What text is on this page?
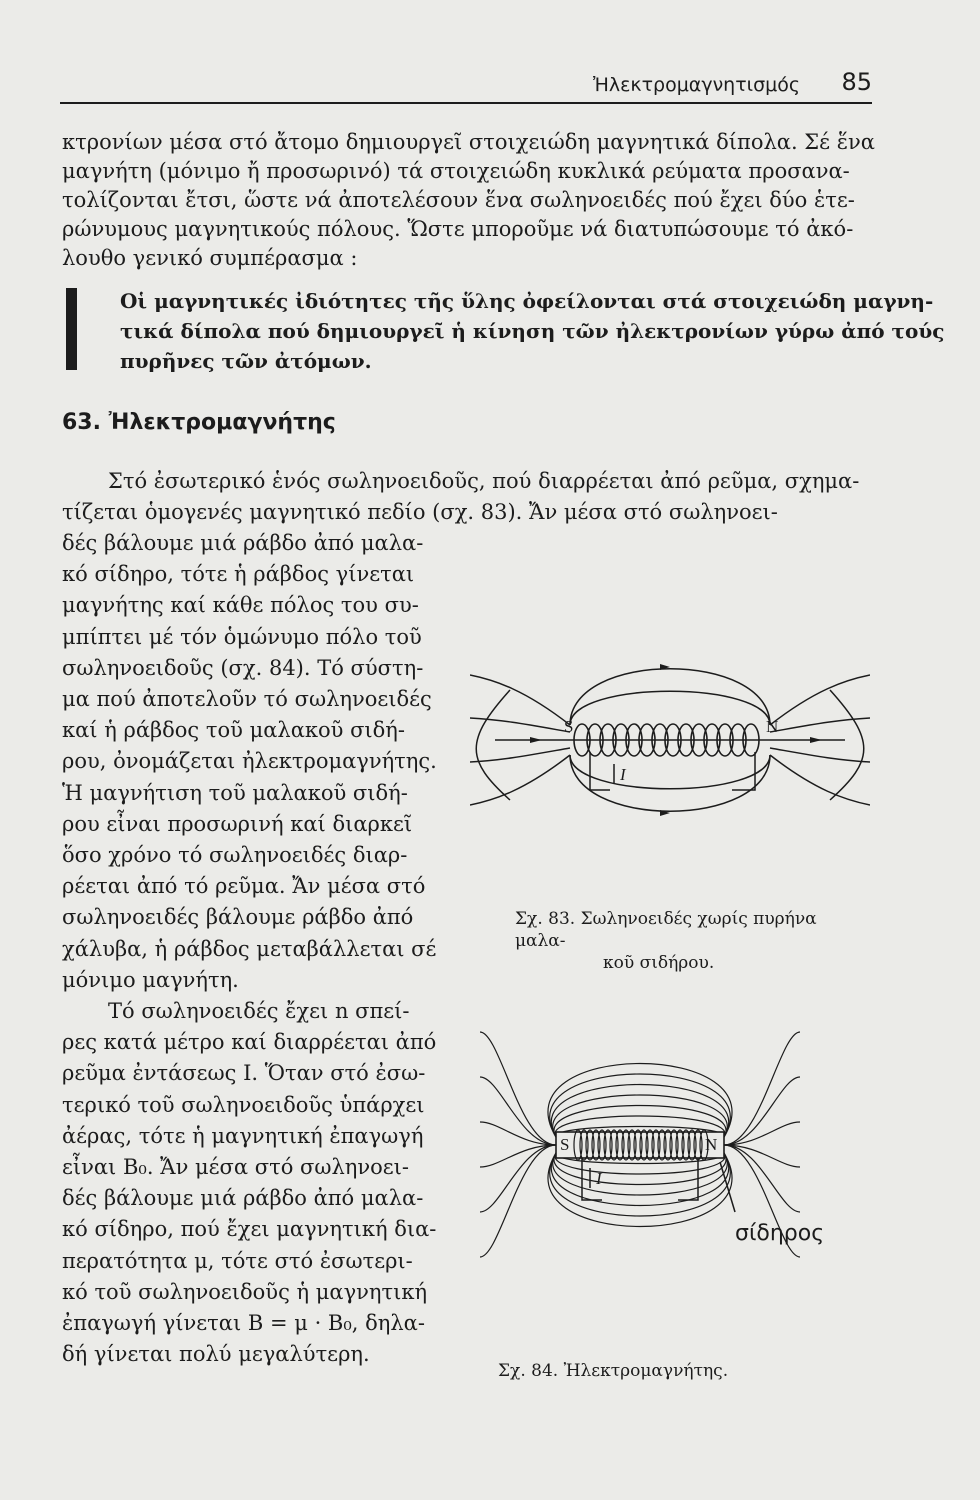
Ἠλεκτρομαγνητισμός 85
κτρονίων μέσα στό ἄτομο δημιουργεῖ στοιχειώδη μαγνητικά δίπολα. Σέ ἕνα
μαγνήτη (μόνιμο ἤ προσωρινό) τά στοιχειώδη κυκλικά ρεύματα προσανα-
τολίζονται ἔτσι, ὥστε νά ἀποτελέσουν ἕνα σωληνοειδές πού ἔχει δύο ἑτε-
ρώνυμους μαγνητικούς πόλους. Ὥστε μποροῦμε νά διατυπώσουμε τό ἀκό-
λουθο γενικό συμπέρασμα :
Οἱ μαγνητικές ἰδιότητες τῆς ὕλης ὀφείλονται στά στοιχειώδη μαγνη-
τικά δίπολα πού δημιουργεῖ ἡ κίνηση τῶν ἠλεκτρονίων γύρω ἀπό τούς
πυρῆνες τῶν ἀτόμων.
63. Ἠλεκτρομαγνήτης
Στό ἐσωτερικό ἑνός σωληνοειδοῦς, πού διαρρέεται ἀπό ρεῦμα, σχημα-
τίζεται ὁμογενές μαγνητικό πεδίο (σχ. 83). Ἄν μέσα στό σωληνοει-
δές βάλουμε μιά ράβδο ἀπό μαλα-
κό σίδηρο, τότε ἡ ράβδος γίνεται
μαγνήτης καί κάθε πόλος του συ-
μπίπτει μέ τόν ὁμώνυμο πόλο τοῦ
σωληνοειδοῦς (σχ. 84). Τό σύστη-
μα πού ἀποτελοῦν τό σωληνοειδές
καί ἡ ράβδος τοῦ μαλακοῦ σιδή-
ρου, ὀνομάζεται ἠλεκτρομαγνήτης.
Ἡ μαγνήτιση τοῦ μαλακοῦ σιδή-
ρου εἶναι προσωρινή καί διαρκεῖ
ὅσο χρόνο τό σωληνοειδές διαρ-
ρέεται ἀπό τό ρεῦμα. Ἄν μέσα στό
σωληνοειδές βάλουμε ράβδο ἀπό
χάλυβα, ἡ ράβδος μεταβάλλεται σέ
μόνιμο μαγνήτη.
Τό σωληνοειδές ἔχει n σπεί-
ρες κατά μέτρο καί διαρρέεται ἀπό
ρεῦμα ἐντάσεως I. Ὅταν στό ἐσω-
τερικό τοῦ σωληνοειδοῦς ὑπάρχει
ἀέρας, τότε ἡ μαγνητική ἐπαγωγή
εἶναι B₀. Ἄν μέσα στό σωληνοει-
δές βάλουμε μιά ράβδο ἀπό μαλα-
κό σίδηρο, πού ἔχει μαγνητική δια-
περατότητα μ, τότε στό ἐσωτερι-
κό τοῦ σωληνοειδοῦς ἡ μαγνητική
ἐπαγωγή γίνεται B = μ · B₀, δηλα-
δή γίνεται πολύ μεγαλύτερη.
S	N
I
Σχ. 83. Σωληνοειδές χωρίς πυρήνα μαλα-
κοῦ σιδήρου.
S	N
I
σίδηρος
Σχ. 84. Ἠλεκτρομαγνήτης.
